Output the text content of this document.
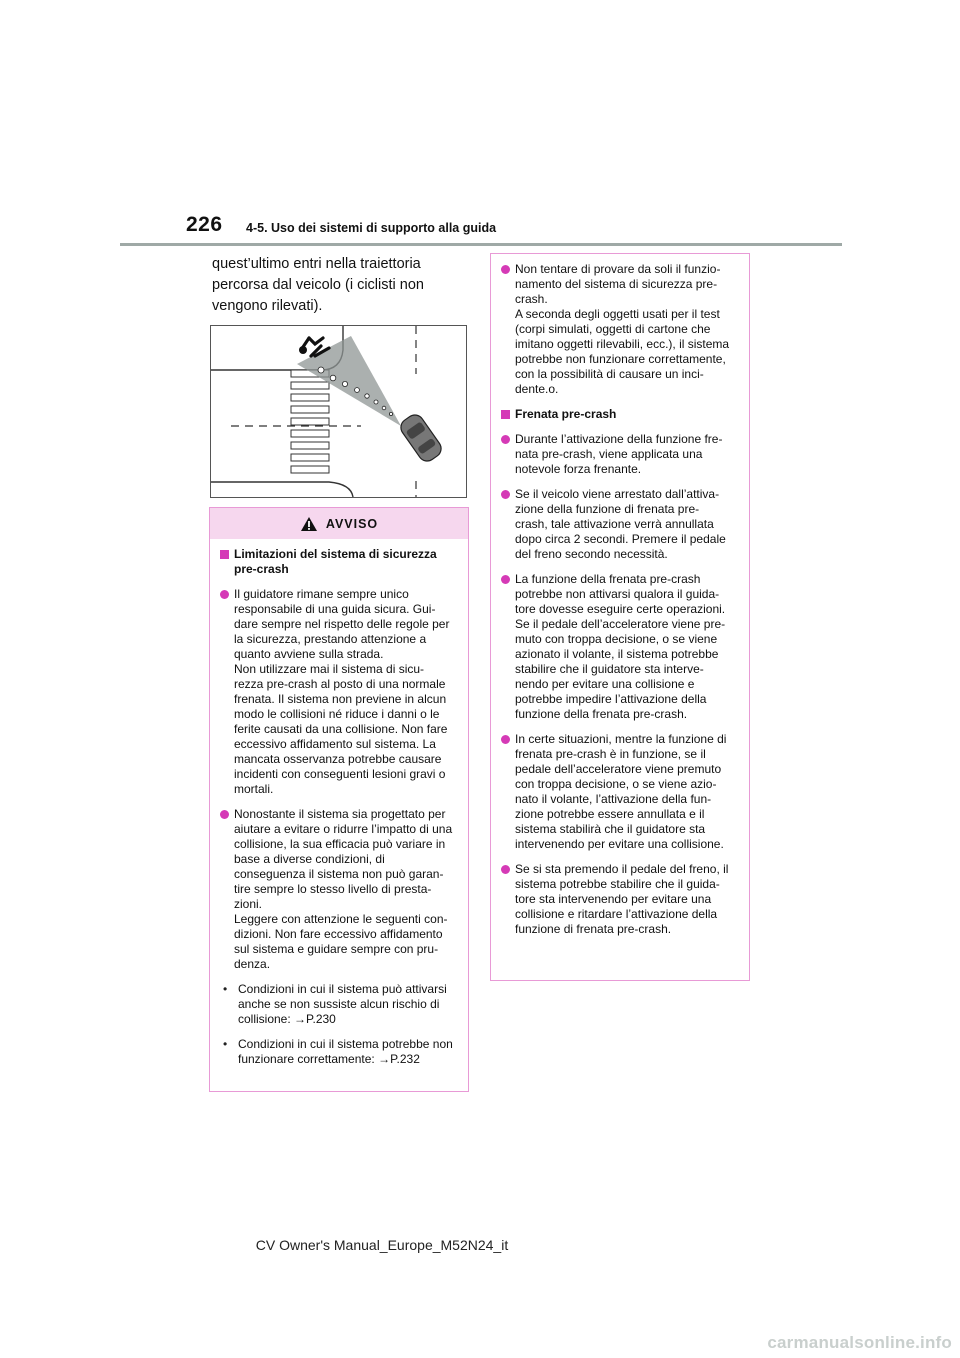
226 4-5. Uso dei sistemi di supporto alla guida
quest’ultimo entri nella traiettoria percorsa dal veicolo (i ciclisti non vengono rilevati).
AVVISO
Limitazioni del sistema di sicurezza pre-crash
Il guidatore rimane sempre unico responsabile di una guida sicura. Gui-
dare sempre nel rispetto delle regole per la sicurezza, prestando attenzione a quanto avviene sulla strada.
Non utilizzare mai il sistema di sicu-
rezza pre-crash al posto di una normale frenata. Il sistema non previene in alcun modo le collisioni né riduce i danni o le ferite causati da una collisione. Non fare eccessivo affidamento sul sistema. La mancata osservanza potrebbe causare incidenti con conseguenti lesioni gravi o mortali.
Nonostante il sistema sia progettato per aiutare a evitare o ridurre l’impatto di una collisione, la sua efficacia può variare in base a diverse condizioni, di conseguenza il sistema non può garan-
tire sempre lo stesso livello di presta-
zioni.
Leggere con attenzione le seguenti con-
dizioni. Non fare eccessivo affidamento sul sistema e guidare sempre con pru-
denza.
• Condizioni in cui il sistema può attivarsi anche se non sussiste alcun rischio di collisione: →P.230
• Condizioni in cui il sistema potrebbe non funzionare correttamente: →P.232
Non tentare di provare da soli il funzio-
namento del sistema di sicurezza pre-
crash.
A seconda degli oggetti usati per il test (corpi simulati, oggetti di cartone che imitano oggetti rilevabili, ecc.), il sistema potrebbe non funzionare correttamente, con la possibilità di causare un inci-
dente.o.
Frenata pre-crash
Durante l’attivazione della funzione fre-
nata pre-crash, viene applicata una notevole forza frenante.
Se il veicolo viene arrestato dall’attiva-
zione della funzione di frenata pre-
crash, tale attivazione verrà annullata dopo circa 2 secondi. Premere il pedale del freno secondo necessità.
La funzione della frenata pre-crash potrebbe non attivarsi qualora il guida-
tore dovesse eseguire certe operazioni. Se il pedale dell’acceleratore viene pre-
muto con troppa decisione, o se viene azionato il volante, il sistema potrebbe stabilire che il guidatore sta interve-
nendo per evitare una collisione e potrebbe impedire l’attivazione della funzione della frenata pre-crash.
In certe situazioni, mentre la funzione di frenata pre-crash è in funzione, se il pedale dell’acceleratore viene premuto con troppa decisione, o se viene azio-
nato il volante, l’attivazione della fun-
zione potrebbe essere annullata e il sistema stabilirà che il guidatore sta intervenendo per evitare una collisione.
Se si sta premendo il pedale del freno, il sistema potrebbe stabilire che il guida-
tore sta intervenendo per evitare una collisione e ritardare l’attivazione della funzione di frenata pre-crash.
CV Owner's Manual_Europe_M52N24_it
carmanualsonline.info
